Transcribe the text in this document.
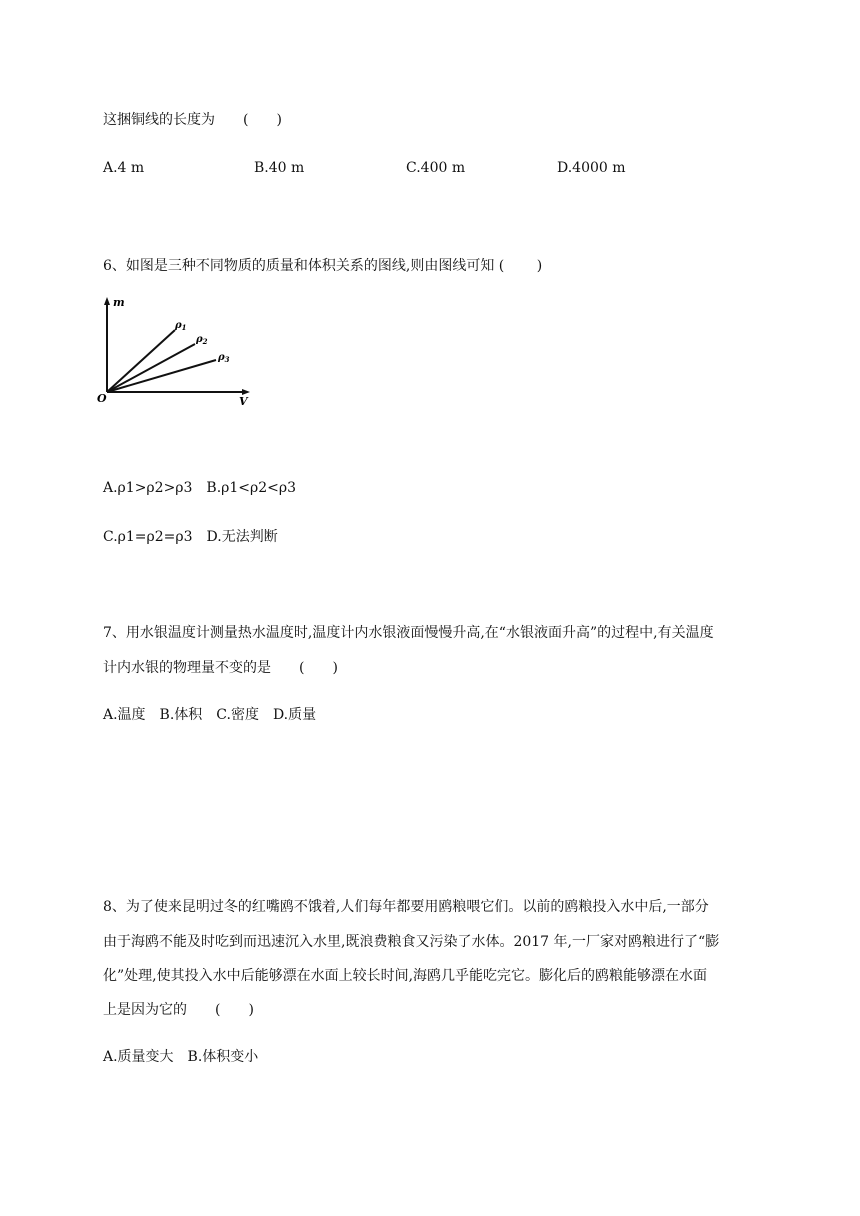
这捆铜线的长度为　　(　　)
A.4 m	B.40 m	C.400 m	D.4000 m
6、如图是三种不同物质的质量和体积关系的图线,则由图线可知 (　　 )
m
V
O
$\rho_1$
$\rho_2$
$\rho_3$
A.ρ1>ρ2>ρ3　B.ρ1<ρ2<ρ3
C.ρ1=ρ2=ρ3　D.无法判断
7、用水银温度计测量热水温度时,温度计内水银液面慢慢升高,在“水银液面升高”的过程中,有关温度
计内水银的物理量不变的是　　(　　)
A.温度　B.体积　C.密度　D.质量
8、为了使来昆明过冬的红嘴鸥不饿着,人们每年都要用鸥粮喂它们。以前的鸥粮投入水中后,一部分
由于海鸥不能及时吃到而迅速沉入水里,既浪费粮食又污染了水体。2017 年,一厂家对鸥粮进行了“膨
化”处理,使其投入水中后能够漂在水面上较长时间,海鸥几乎能吃完它。膨化后的鸥粮能够漂在水面
上是因为它的　　(　　)
A.质量变大　B.体积变小
